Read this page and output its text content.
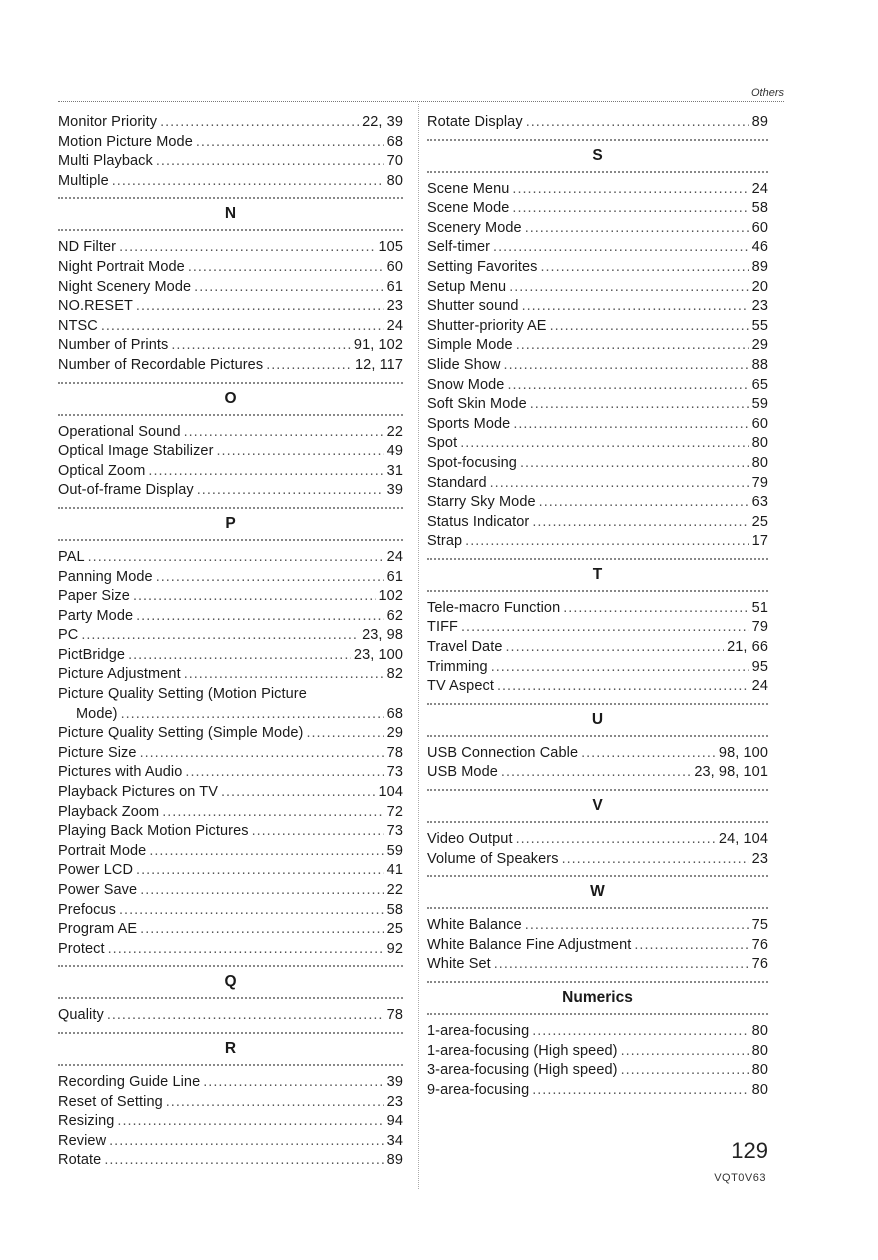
Others
Monitor Priority .....	22, 39
Motion Picture Mode .....	68
Multi Playback .....	70
Multiple .....	80
N
ND Filter .....	105
Night Portrait Mode .....	60
Night Scenery Mode .....	61
NO.RESET .....	23
NTSC .....	24
Number of Prints .....	91, 102
Number of Recordable Pictures .....	12, 117
O
Operational Sound .....	22
Optical Image Stabilizer .....	49
Optical Zoom .....	31
Out-of-frame Display .....	39
P
PAL .....	24
Panning Mode .....	61
Paper Size .....	102
Party Mode .....	62
PC .....	23, 98
PictBridge .....	23, 100
Picture Adjustment .....	82
Picture Quality Setting (Motion Picture
Mode) .....	68
Picture Quality Setting (Simple Mode) .....	29
Picture Size .....	78
Pictures with Audio .....	73
Playback Pictures on TV .....	104
Playback Zoom .....	72
Playing Back Motion Pictures .....	73
Portrait Mode .....	59
Power LCD .....	41
Power Save .....	22
Prefocus .....	58
Program AE .....	25
Protect .....	92
Q
Quality .....	78
R
Recording Guide Line .....	39
Reset of Setting .....	23
Resizing .....	94
Review .....	34
Rotate .....	89
Rotate Display .....	89
S
Scene Menu .....	24
Scene Mode .....	58
Scenery Mode .....	60
Self-timer .....	46
Setting Favorites .....	89
Setup Menu .....	20
Shutter sound .....	23
Shutter-priority AE .....	55
Simple Mode .....	29
Slide Show .....	88
Snow Mode .....	65
Soft Skin Mode .....	59
Sports Mode .....	60
Spot .....	80
Spot-focusing .....	80
Standard .....	79
Starry Sky Mode .....	63
Status Indicator .....	25
Strap .....	17
T
Tele-macro Function .....	51
TIFF .....	79
Travel Date .....	21, 66
Trimming .....	95
TV Aspect .....	24
U
USB Connection Cable .....	98, 100
USB Mode .....	23, 98, 101
V
Video Output .....	24, 104
Volume of Speakers .....	23
W
White Balance .....	75
White Balance Fine Adjustment .....	76
White Set .....	76
Numerics
1-area-focusing .....	80
1-area-focusing (High speed) .....	80
3-area-focusing (High speed) .....	80
9-area-focusing .....	80
129
VQT0V63
